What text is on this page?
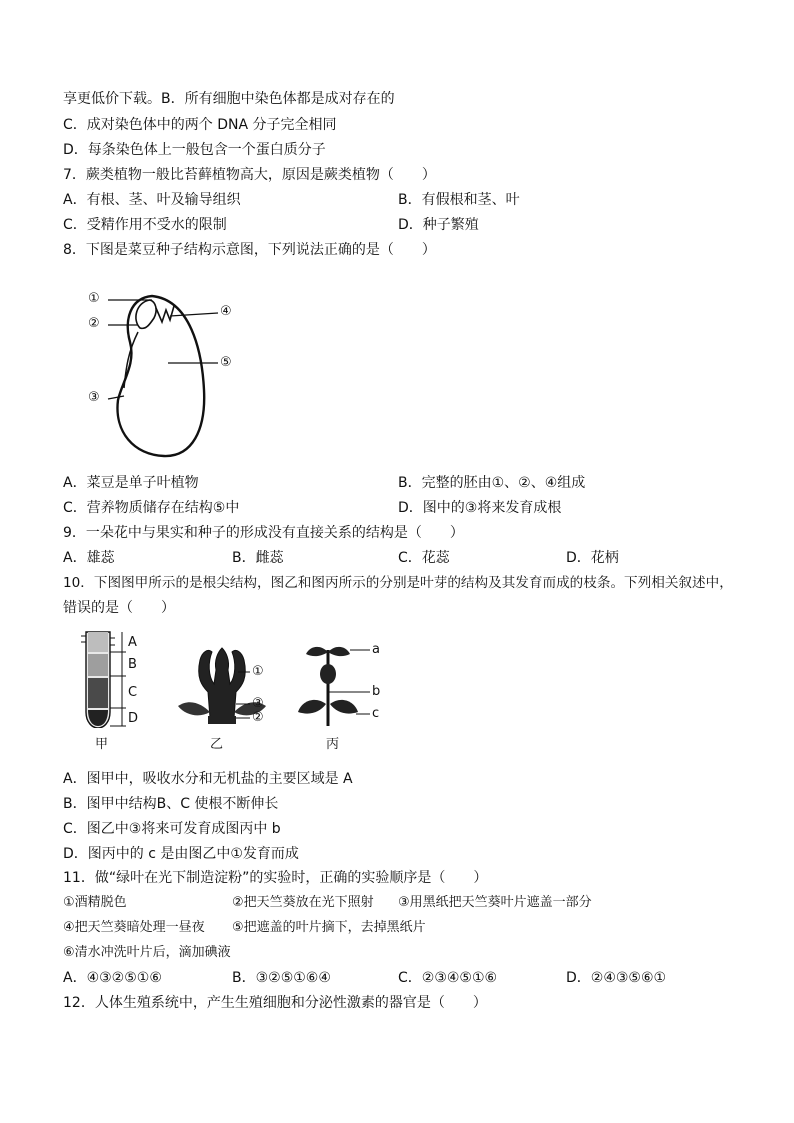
享更低价下载。B．所有细胞中染色体都是成对存在的
C．成对染色体中的两个 DNA 分子完全相同
D．每条染色体上一般包含一个蛋白质分子
7．蕨类植物一般比苔藓植物高大，原因是蕨类植物（　　）
A．有根、茎、叶及输导组织	B．有假根和茎、叶
C．受精作用不受水的限制	D．种子繁殖
8．下图是菜豆种子结构示意图，下列说法正确的是（　　）
①
②
③
④
⑤
A．菜豆是单子叶植物	B．完整的胚由①、②、④组成
C．营养物质储存在结构⑤中	D．图中的③将来发育成根
9．一朵花中与果实和种子的形成没有直接关系的结构是（　　）
A．雄蕊	B．雌蕊	C．花蕊	D．花柄
10．下图图甲所示的是根尖结构，图乙和图丙所示的分别是叶芽的结构及其发育而成的枝条。下列相关叙述中，
错误的是（　　）
A
B
C
D
甲
①
③
②
乙
a
b
c
丙
A．图甲中，吸收水分和无机盐的主要区域是 A
B．图甲中结构B、C 使根不断伸长
C．图乙中③将来可发育成图丙中 b
D．图丙中的 c 是由图乙中①发育而成
11．做“绿叶在光下制造淀粉”的实验时，正确的实验顺序是（　　）
①酒精脱色	②把天竺葵放在光下照射 ③用黑纸把天竺葵叶片遮盖一部分
④把天竺葵暗处理一昼夜 ⑤把遮盖的叶片摘下，去掉黑纸片
⑥清水冲洗叶片后，滴加碘液
A．④③②⑤①⑥	B．③②⑤①⑥④	C．②③④⑤①⑥	D．②④③⑤⑥①
12．人体生殖系统中，产生生殖细胞和分泌性激素的器官是（　　）
